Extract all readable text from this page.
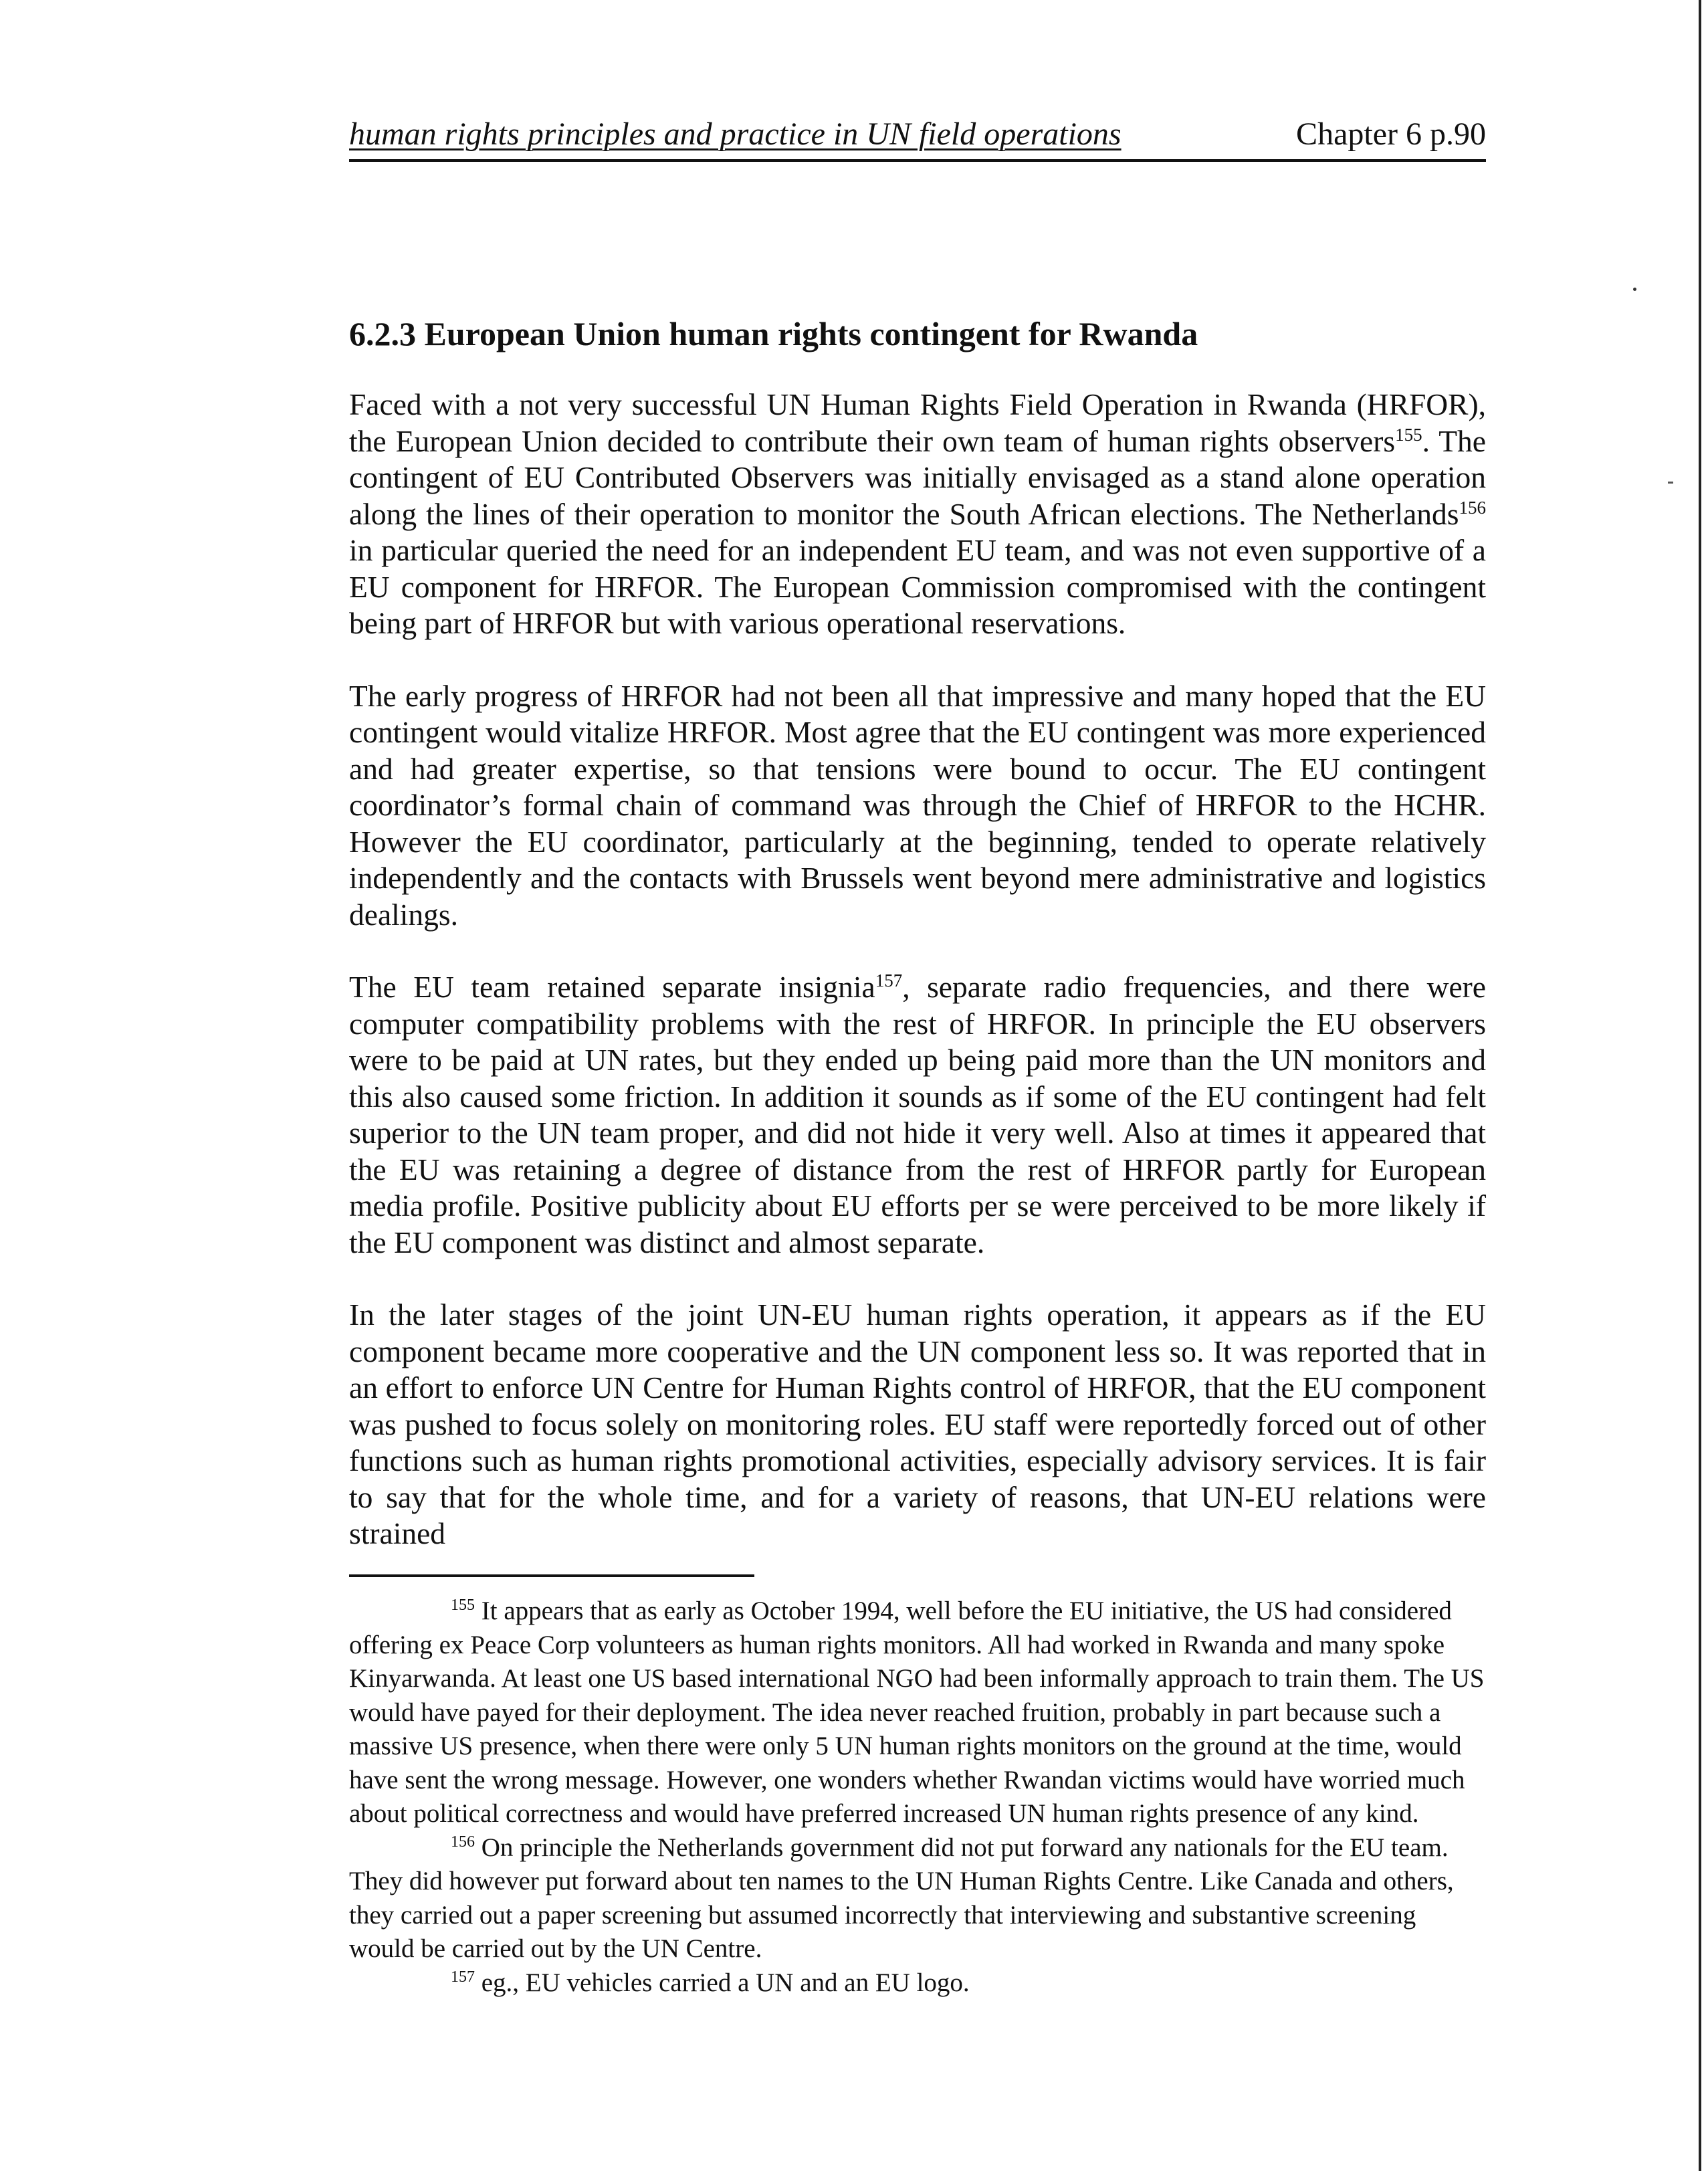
human rights principles and practice in UN field operations	Chapter 6 p.90
6.2.3 European Union human rights contingent for Rwanda

Faced with a not very successful UN Human Rights Field Operation in Rwanda (HRFOR), the European Union decided to contribute their own team of human rights observers$^{155}$. The contingent of EU Contributed Observers was initially envisaged as a stand alone operation along the lines of their operation to monitor the South African elections. The Netherlands$^{156}$ in particular queried the need for an independent EU team, and was not even supportive of a EU component for HRFOR. The European Commission compromised with the contingent being part of HRFOR but with various operational reservations.

The early progress of HRFOR had not been all that impressive and many hoped that the EU contingent would vitalize HRFOR. Most agree that the EU contingent was more experienced and had greater expertise, so that tensions were bound to occur. The EU contingent coordinator’s formal chain of command was through the Chief of HRFOR to the HCHR. However the EU coordinator, particularly at the beginning, tended to operate relatively independently and the contacts with Brussels went beyond mere administrative and logistics dealings.

The EU team retained separate insignia$^{157}$, separate radio frequencies, and there were computer compatibility problems with the rest of HRFOR. In principle the EU observers were to be paid at UN rates, but they ended up being paid more than the UN monitors and this also caused some friction. In addition it sounds as if some of the EU contingent had felt superior to the UN team proper, and did not hide it very well. Also at times it appeared that the EU was retaining a degree of distance from the rest of HRFOR partly for European media profile. Positive publicity about EU efforts per se were perceived to be more likely if the EU component was distinct and almost separate.

In the later stages of the joint UN-EU human rights operation, it appears as if the EU component became more cooperative and the UN component less so. It was reported that in an effort to enforce UN Centre for Human Rights control of HRFOR, that the EU component was pushed to focus solely on monitoring roles. EU staff were reportedly forced out of other functions such as human rights promotional activities, especially advisory services. It is fair to say that for the whole time, and for a variety of reasons, that UN-EU relations were strained

$^{155}$ It appears that as early as October 1994, well before the EU initiative, the US had considered offering ex Peace Corp volunteers as human rights monitors. All had worked in Rwanda and many spoke Kinyarwanda. At least one US based international NGO had been informally approach to train them. The US would have payed for their deployment. The idea never reached fruition, probably in part because such a massive US presence, when there were only 5 UN human rights monitors on the ground at the time, would have sent the wrong message. However, one wonders whether Rwandan victims would have worried much about political correctness and would have preferred increased UN human rights presence of any kind.

$^{156}$ On principle the Netherlands government did not put forward any nationals for the EU team. They did however put forward about ten names to the UN Human Rights Centre. Like Canada and others, they carried out a paper screening but assumed incorrectly that interviewing and substantive screening would be carried out by the UN Centre.

$^{157}$ eg., EU vehicles carried a UN and an EU logo.
